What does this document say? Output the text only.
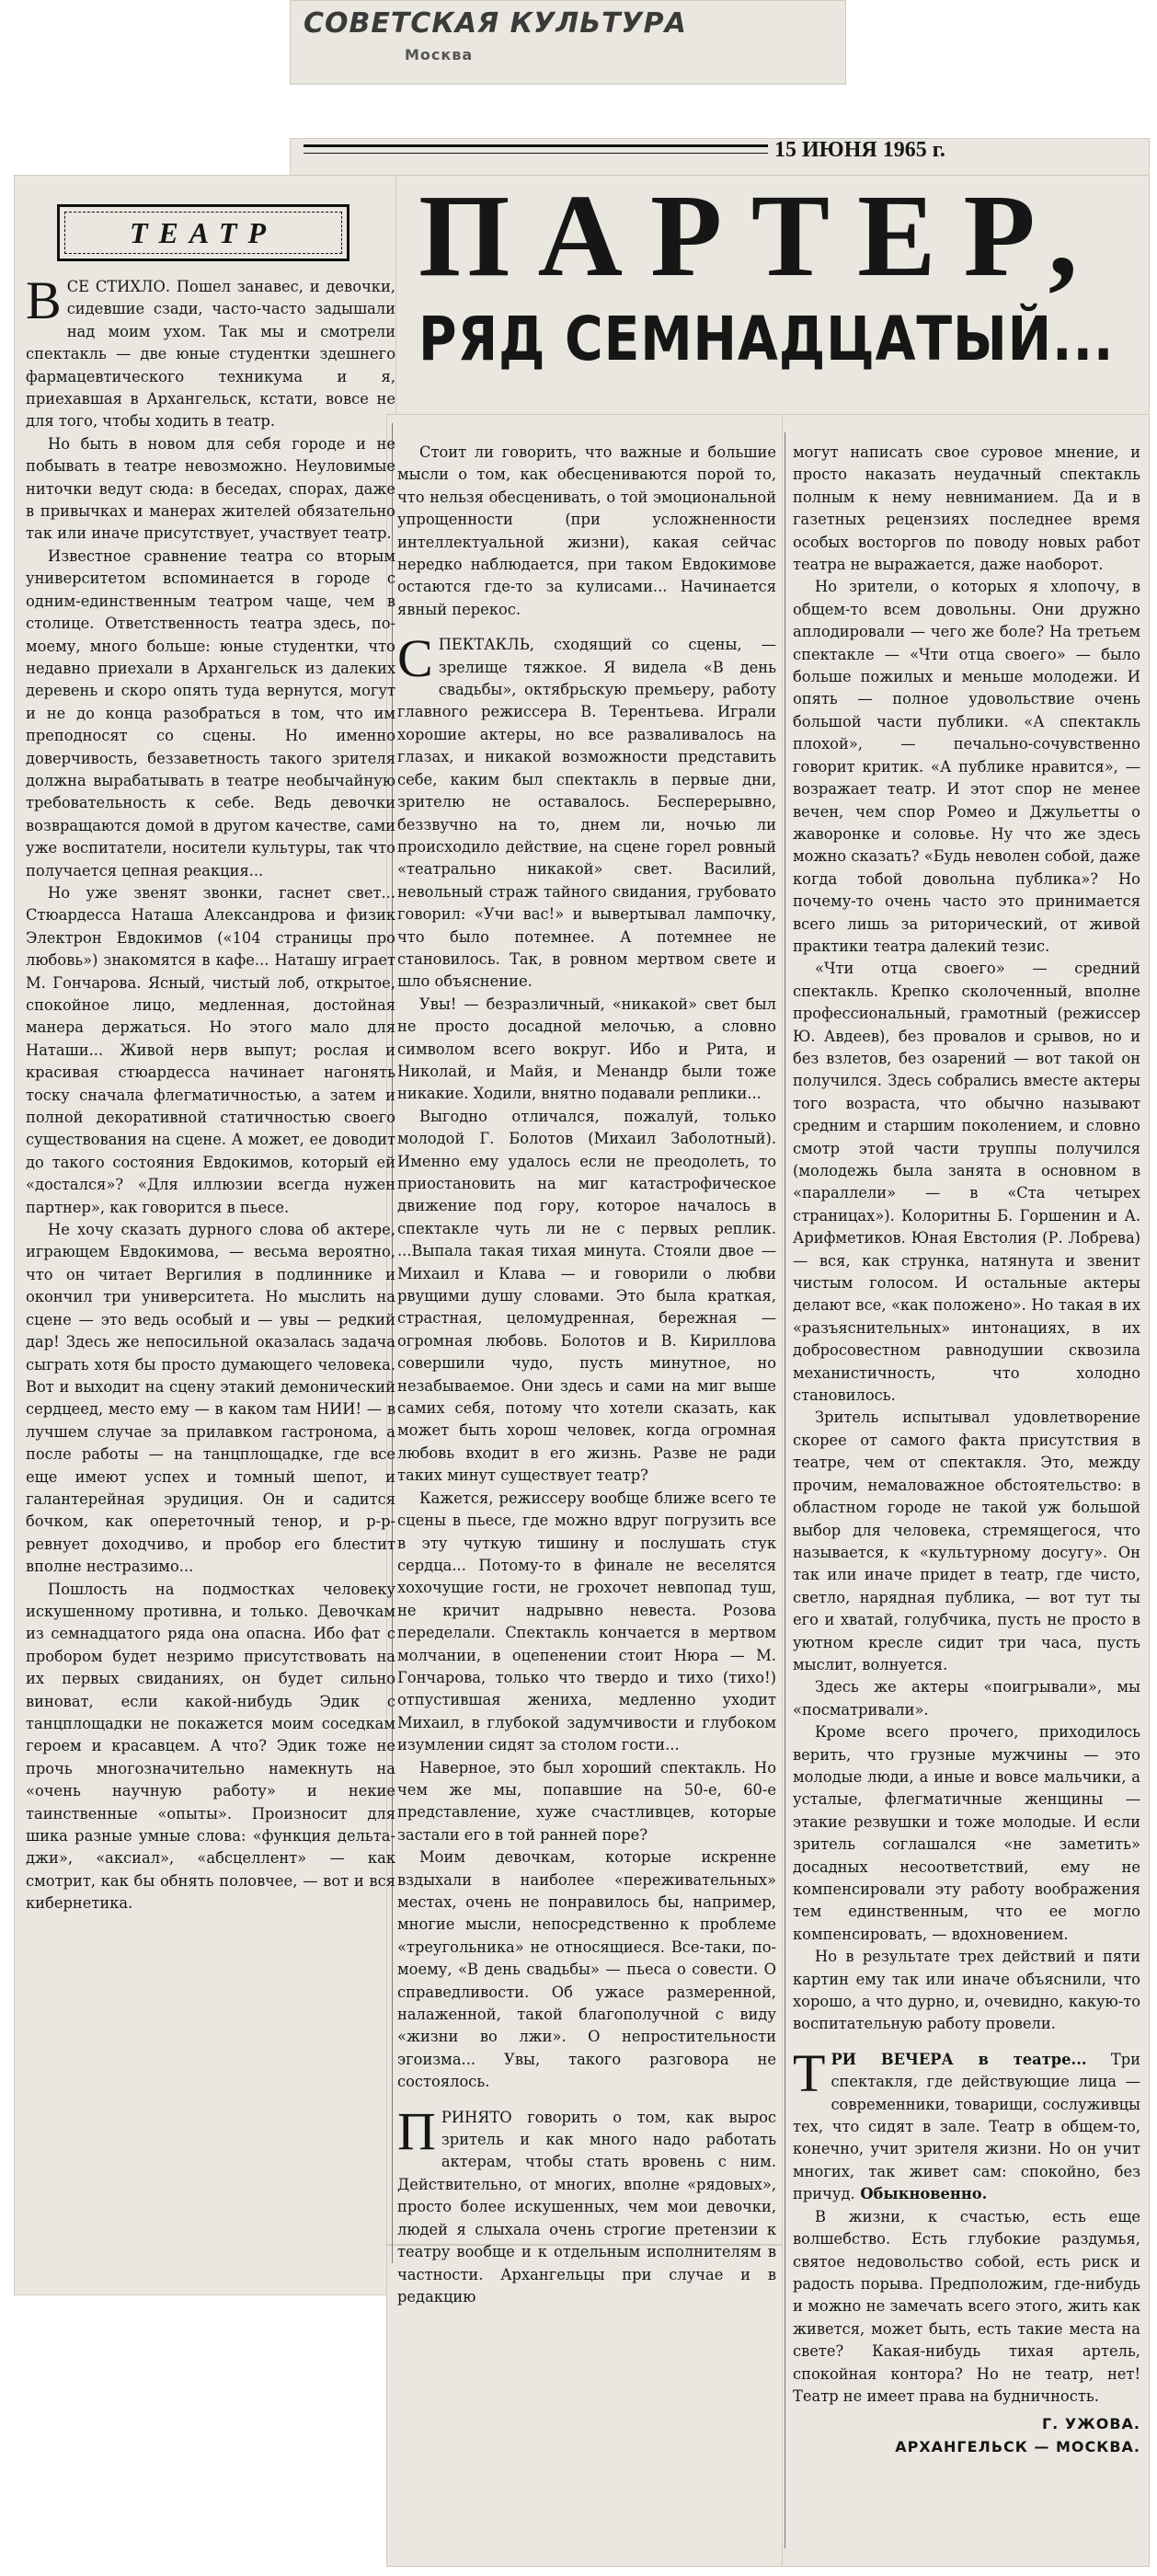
СОВЕТСКАЯ КУЛЬТУРА
Москва
15 ИЮНЯ 1965 г.
ТЕАТР ПАРТЕР,
РЯД СЕМНАДЦАТЫЙ...

ВСЕ СТИХЛО. Пошел занавес, и девочки, сидевшие сзади, часто-часто задышали над моим ухом. Так мы и смотрели спектакль — две юные студентки здешнего фармацевтического техникума и я, приехавшая в Архангельск, кстати, вовсе не для того, чтобы ходить в театр.

Но быть в новом для себя городе и не побывать в театре невозможно. Неуловимые ниточки ведут сюда: в беседах, спорах, даже в привычках и манерах жителей обязательно так или иначе присутствует, участвует театр.

Известное сравнение театра со вторым университетом вспоминается в городе с одним-единственным театром чаще, чем в столице. Ответственность театра здесь, по-моему, много больше: юные студентки, что недавно приехали в Архангельск из далеких деревень и скоро опять туда вернутся, могут и не до конца разобраться в том, что им преподносят со сцены. Но именно доверчивость, беззаветность такого зрителя должна вырабатывать в театре необычайную требовательность к себе. Ведь девочки возвращаются домой в другом качестве, сами уже воспитатели, носители культуры, так что получается цепная реакция...

Но уже звенят звонки, гаснет свет... Стюардесса Наташа Александрова и физик Электрон Евдокимов («104 страницы про любовь») знакомятся в кафе... Наташу играет М. Гончарова. Ясный, чистый лоб, открытое, спокойное лицо, медленная, достойная манера держаться. Но этого мало для Наташи... Живой нерв выпут; рослая и красивая стюардесса начинает нагонять тоску сначала флегматичностью, а затем и полной декоративной статичностью своего существования на сцене. А может, ее доводит до такого состояния Евдокимов, который ей «достался»? «Для иллюзии всегда нужен партнер», как говорится в пьесе.

Не хочу сказать дурного слова об актере, играющем Евдокимова, — весьма вероятно, что он читает Вергилия в подлиннике и окончил три университета. Но мыслить на сцене — это ведь особый и — увы — редкий дар! Здесь же непосильной оказалась задача сыграть хотя бы просто думающего человека. Вот и выходит на сцену этакий демонический сердцеед, место ему — в каком там НИИ! — в лучшем случае за прилавком гастронома, а после работы — на танцплощадке, где все еще имеют успех и томный шепот, и галантерейная эрудиция. Он и садится бочком, как опереточный тенор, и р-р-ревнует доходчиво, и пробор его блестит вполне нестразимо...

Пошлость на подмостках человеку искушенному противна, и только. Девочкам из семнадцатого ряда она опасна. Ибо фат с пробором будет незримо присутствовать на их первых свиданиях, он будет сильно виноват, если какой-нибудь Эдик с танцплощадки не покажется моим соседкам героем и красавцем. А что? Эдик тоже не прочь многозначительно намекнуть на «очень научную работу» и некие таинственные «опыты». Произносит для шика разные умные слова: «функция дельта-джи», «аксиал», «абсцеллент» — как смотрит, как бы обнять половчее, — вот и вся кибернетика.

Стоит ли говорить, что важные и большие мысли о том, как обесцениваются порой то, что нельзя обесценивать, о той эмоциональной упрощенности (при усложненности интеллектуальной жизни), какая сейчас нередко наблюдается, при таком Евдокимове остаются где-то за кулисами... Начинается явный перекос.

СПЕКТАКЛЬ, сходящий со сцены, — зрелище тяжкое. Я видела «В день свадьбы», октябрьскую премьеру, работу главного режиссера В. Терентьева. Играли хорошие актеры, но все разваливалось на глазах, и никакой возможности представить себе, каким был спектакль в первые дни, зрителю не оставалось. Бесперерывно, беззвучно на то, днем ли, ночью ли происходило действие, на сцене горел ровный «театрально никакой» свет. Василий, невольный страж тайного свидания, грубовато говорил: «Учи вас!» и вывертывал лампочку, что было потемнее. А потемнее не становилось. Так, в ровном мертвом свете и шло объяснение.

Увы! — безразличный, «никакой» свет был не просто досадной мелочью, а словно символом всего вокруг. Ибо и Рита, и Николай, и Майя, и Менандр были тоже никакие. Ходили, внятно подавали реплики...

Выгодно отличался, пожалуй, только молодой Г. Болотов (Михаил Заболотный). Именно ему удалось если не преодолеть, то приостановить на миг катастрофическое движение под гору, которое началось в спектакле чуть ли не с первых реплик. ...Выпала такая тихая минута. Стояли двое — Михаил и Клава — и говорили о любви рвущими душу словами. Это была краткая, страстная, целомудренная, бережная — огромная любовь. Болотов и В. Кириллова совершили чудо, пусть минутное, но незабываемое. Они здесь и сами на миг выше самих себя, потому что хотели сказать, как может быть хорош человек, когда огромная любовь входит в его жизнь. Разве не ради таких минут существует театр?

Кажется, режиссеру вообще ближе всего те сцены в пьесе, где можно вдруг погрузить все в эту чуткую тишину и послушать стук сердца... Потому-то в финале не веселятся хохочущие гости, не грохочет невпопад туш, не кричит надрывно невеста. Розова переделали. Спектакль кончается в мертвом молчании, в оцепенении стоит Нюра — М. Гончарова, только что твердо и тихо (тихо!) отпустившая жениха, медленно уходит Михаил, в глубокой задумчивости и глубоком изумлении сидят за столом гости...

Наверное, это был хороший спектакль. Но чем же мы, попавшие на 50-е, 60-е представление, хуже счастливцев, которые застали его в той ранней поре?

Моим девочкам, которые искренне вздыхали в наиболее «переживательных» местах, очень не понравилось бы, например, многие мысли, непосредственно к проблеме «треугольника» не относящиеся. Все-таки, по-моему, «В день свадьбы» — пьеса о совести. О справедливости. Об ужасе размеренной, налаженной, такой благополучной с виду «жизни во лжи». О непростительности эгоизма... Увы, такого разговора не состоялось.

ПРИНЯТО говорить о том, как вырос зритель и как много надо работать актерам, чтобы стать вровень с ним. Действительно, от многих, вполне «рядовых», просто более искушенных, чем мои девочки, людей я слыхала очень строгие претензии к театру вообще и к отдельным исполнителям в частности. Архангельцы при случае и в редакцию

могут написать свое суровое мнение, и просто наказать неудачный спектакль полным к нему невниманием. Да и в газетных рецензиях последнее время особых восторгов по поводу новых работ театра не выражается, даже наоборот.

Но зрители, о которых я хлопочу, в общем-то всем довольны. Они дружно аплодировали — чего же боле? На третьем спектакле — «Чти отца своего» — было больше пожилых и меньше молодежи. И опять — полное удовольствие очень большой части публики. «А спектакль плохой», — печально-сочувственно говорит критик. «А публике нравится», — возражает театр. И этот спор не менее вечен, чем спор Ромео и Джульетты о жаворонке и соловье. Ну что же здесь можно сказать? «Будь неволен собой, даже когда тобой довольна публика»? Но почему-то очень часто это принимается всего лишь за риторический, от живой практики театра далекий тезис.

«Чти отца своего» — средний спектакль. Крепко сколоченный, вполне профессиональный, грамотный (режиссер Ю. Авдеев), без провалов и срывов, но и без взлетов, без озарений — вот такой он получился. Здесь собрались вместе актеры того возраста, что обычно называют средним и старшим поколением, и словно смотр этой части труппы получился (молодежь была занята в основном в «параллели» — в «Ста четырех страницах»). Колоритны Б. Горшенин и А. Арифметиков. Юная Евстолия (Р. Лобрева) — вся, как струнка, натянута и звенит чистым голосом. И остальные актеры делают все, «как положено». Но такая в их «разъяснительных» интонациях, в их добросовестном равнодушии сквозила механистичность, что холодно становилось.

Зритель испытывал удовлетворение скорее от самого факта присутствия в театре, чем от спектакля. Это, между прочим, немаловажное обстоятельство: в областном городе не такой уж большой выбор для человека, стремящегося, что называется, к «культурному досугу». Он так или иначе придет в театр, где чисто, светло, нарядная публика, — вот тут ты его и хватай, голубчика, пусть не просто в уютном кресле сидит три часа, пусть мыслит, волнуется.

Здесь же актеры «поигрывали», мы «посматривали».

Кроме всего прочего, приходилось верить, что грузные мужчины — это молодые люди, а иные и вовсе мальчики, а усталые, флегматичные женщины — этакие резвушки и тоже молодые. И если зритель соглашался «не заметить» досадных несоответствий, ему не компенсировали эту работу воображения тем единственным, что ее могло компенсировать, — вдохновением.

Но в результате трех действий и пяти картин ему так или иначе объяснили, что хорошо, а что дурно, и, очевидно, какую-то воспитательную работу провели.

ТРИ ВЕЧЕРА в театре... Три спектакля, где действующие лица — современники, товарищи, сослуживцы тех, что сидят в зале. Театр в общем-то, конечно, учит зрителя жизни. Но он учит многих, так живет сам: спокойно, без причуд. Обыкновенно.

В жизни, к счастью, есть еще волшебство. Есть глубокие раздумья, святое недовольство собой, есть риск и радость порыва. Предположим, где-нибудь и можно не замечать всего этого, жить как живется, может быть, есть такие места на свете? Какая-нибудь тихая артель, спокойная контора? Но не театр, нет! Театр не имеет права на будничность.

Г. УЖОВА.
АРХАНГЕЛЬСК — МОСКВА.
